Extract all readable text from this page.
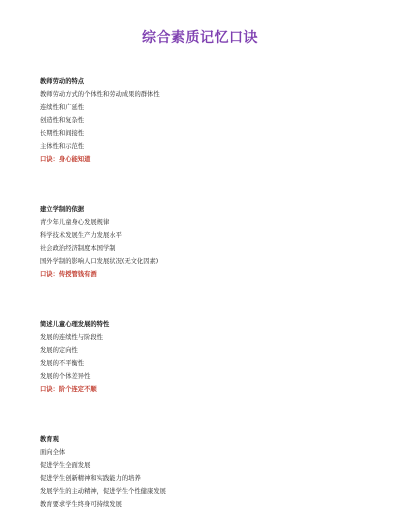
综合素质记忆口诀
教师劳动的特点
教师劳动方式的个体性和劳动成果的群体性
连续性和广延性
创造性和复杂性
长期性和间接性
主体性和示范性
口诀：身心能知道
建立学制的依据
青少年儿童身心发展规律
科学技术发展生产力发展水平
社会政治经济制度本国学制
国外学制的影响人口发展状况(无文化因素)
口诀：传授管钱有酒
简述儿童心理发展的特性
发展的连续性与阶段性
发展的定向性
发展的不平衡性
发展的个体差异性
口诀：阶个连定不顺
教育观
面向全体
促进学生全面发展
促进学生创新精神和实践能力的培养
发展学生的主动精神，促进学生个性健康发展
教育要求学生终身可持续发展
